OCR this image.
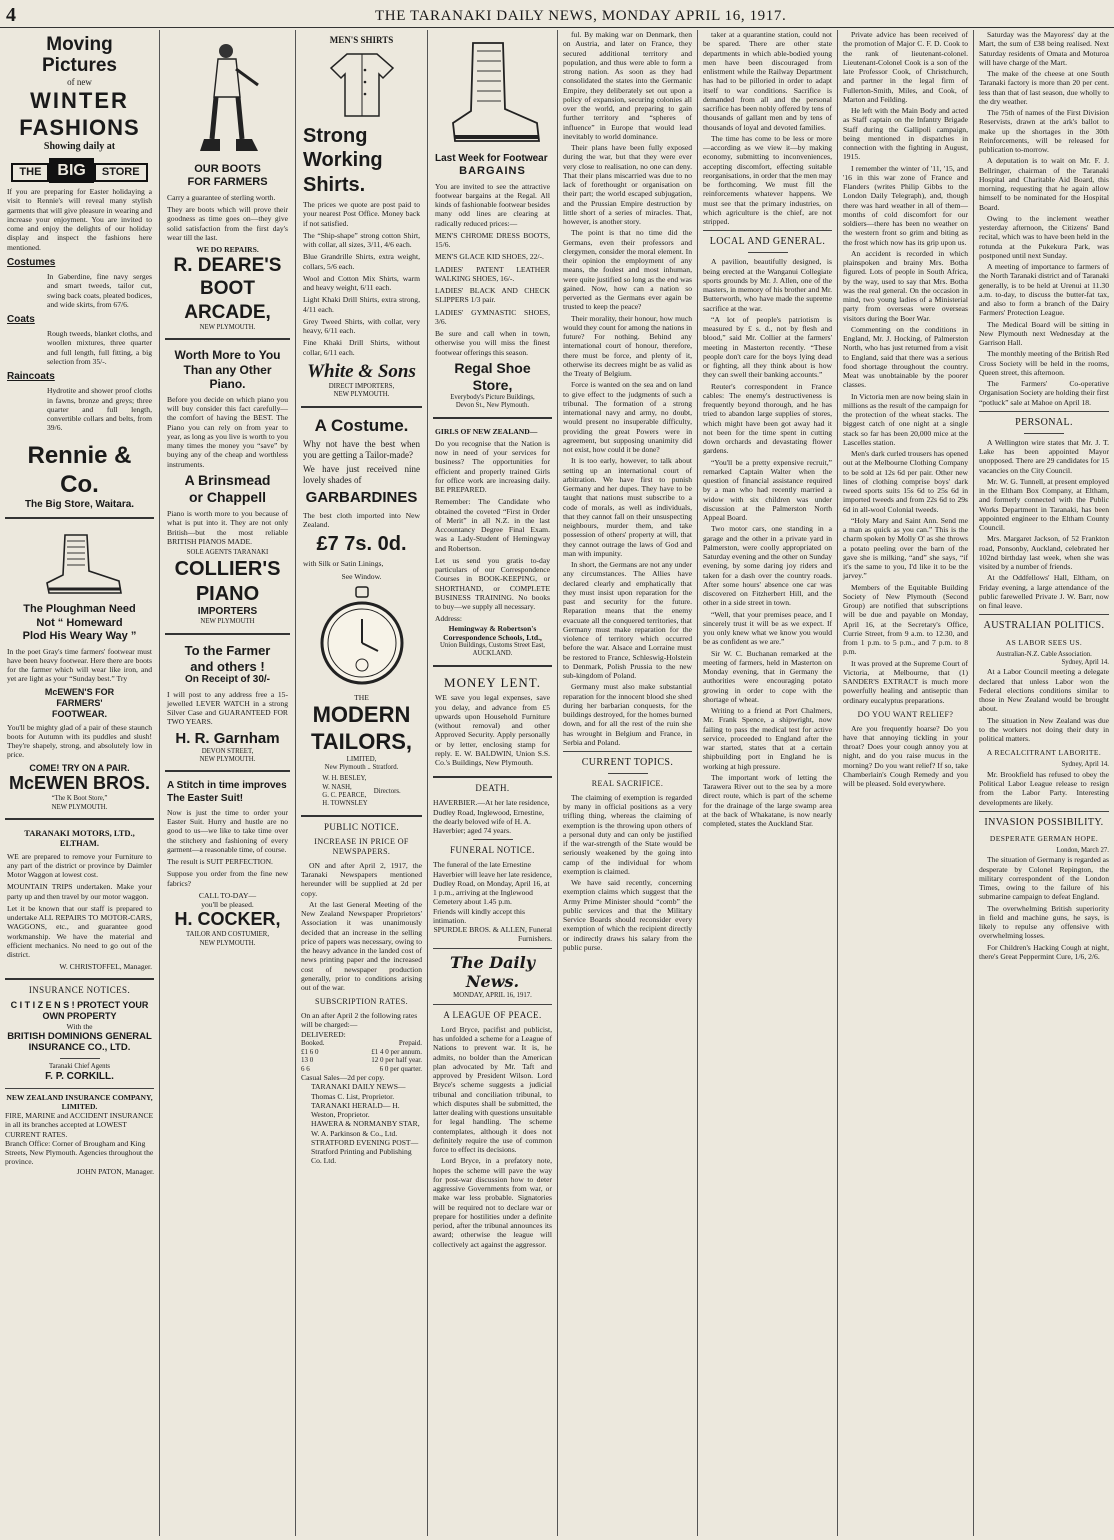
4	THE TARANAKI DAILY NEWS, MONDAY APRIL 16, 1917.
Moving Pictures
of new
WINTER
FASHIONS
Showing daily at
THE BIG STORE

If you are preparing for Easter holidaying a visit to Rennie's will reveal many stylish garments that will give pleasure in wearing and increase your enjoyment. You are invited to come and enjoy the delights of our holiday display and inspect the fashions here mentioned.

Costumes

In Gaberdine, fine navy serges and smart tweeds, tailor cut, swing back coats, pleated bodices, and wide skirts, from 67/6.

Coats

Rough tweeds, blanket cloths, and woollen mixtures, three quarter and full length, full fitting, a big selection from 35/-.

Raincoats

Hydrotite and shower proof cloths in fawns, bronze and greys; three quarter and full length, convertible collars and belts, from 39/6.

Rennie & Co.
The Big Store, Waitara.
The Ploughman Need
Not “ Homeward
Plod His Weary Way ”

In the poet Gray's time farmers' footwear must have been heavy footwear. Here there are boots for the farmer which will wear like iron, and yet are light as your “Sunday best.” Try

McEWEN'S FOR
FARMERS'
FOOTWEAR.

You'll be mighty glad of a pair of these staunch boots for Autumn with its puddles and slush! They're shapely, strong, and absolutely low in price.

COME! TRY ON A PAIR.
McEWEN BROS.
“The K Boot Store,”
NEW PLYMOUTH.
TARANAKI MOTORS, LTD.,
ELTHAM.

WE are prepared to remove your Furniture to any part of the district or province by Daimler Motor Waggon at lowest cost.

MOUNTAIN TRIPS undertaken. Make your party up and then travel by our motor waggon.

Let it be known that our staff is prepared to undertake ALL REPAIRS TO MOTOR-CARS, WAGGONS, etc., and guarantee good workmanship. We have the material and efficient mechanics. No need to go out of the district.

W. CHRISTOFFEL, Manager.
INSURANCE NOTICES.
C I T I Z E N S ! PROTECT YOUR OWN PROPERTY
With the
BRITISH DOMINIONS GENERAL INSURANCE CO., LTD.
Taranaki Chief Agents
F. P. CORKILL.
NEW ZEALAND INSURANCE COMPANY, LIMITED.

FIRE, MARINE and ACCIDENT INSURANCE in all its branches accepted at LOWEST CURRENT RATES.

Branch Office: Corner of Brougham and King Streets, New Plymouth. Agencies throughout the province.

JOHN PATON, Manager.
OUR BOOTS
FOR FARMERS

Carry a guarantee of sterling worth.

They are boots which will prove their goodness as time goes on—they give solid satisfaction from the first day's wear till the last.

WE DO REPAIRS.
R. DEARE'S
BOOT
ARCADE,
NEW PLYMOUTH.
Worth More to You
Than any Other Piano.

Before you decide on which piano you will buy consider this fact carefully—the comfort of having the BEST. The Piano you can rely on from year to year, as long as you live is worth to you many times the money you “save” by buying any of the cheap and worthless instruments.

A Brinsmead
or Chappell

Piano is worth more to you because of what is put into it. They are not only British—but the most reliable BRITISH PIANOS MADE.

SOLE AGENTS TARANAKI
COLLIER'S
PIANO
IMPORTERS
NEW PLYMOUTH
To the Farmer
and others !
On Receipt of 30/-

I will post to any address free a 15-jewelled LEVER WATCH in a strong Silver Case and GUARANTEED FOR TWO YEARS.

H. R. Garnham
DEVON STREET,
NEW PLYMOUTH.
A Stitch in time improves
The Easter Suit!

Now is just the time to order your Easter Suit. Hurry and hustle are no good to us—we like to take time over the stitchery and fashioning of every garment—a reasonable time, of course.

The result is SUIT PERFECTION.

Suppose you order from the fine new fabrics?

CALL TO-DAY—
you'll be pleased.
H. COCKER,
TAILOR AND COSTUMIER,
NEW PLYMOUTH.
MEN'S SHIRTS
Strong
Working
Shirts.

The prices we quote are post paid to your nearest Post Office. Money back if not satisfied.

The “Ship-shape” strong cotton Shirt, with collar, all sizes, 3/11, 4/6 each.

Blue Grandrille Shirts, extra weight, collars, 5/6 each.

Wool and Cotton Mix Shirts, warm and heavy weight, 6/11 each.

Light Khaki Drill Shirts, extra strong, 4/11 each.

Grey Tweed Shirts, with collar, very heavy, 6/11 each.

Fine Khaki Drill Shirts, without collar, 6/11 each.

White & Sons
DIRECT IMPORTERS,
NEW PLYMOUTH.
A Costume.

Why not have the best when you are getting a Tailor-made?

We have just received nine lovely shades of

GARBARDINES

The best cloth imported into New Zealand.

£7 7s. 0d.

with Silk or Satin Linings,

See Window.
THE
MODERN
TAILORS,
LIMITED,
New Plymouth .. Stratford.
W. H. BESLEY,
W. NASH,
G. C. PEARCE,
H. TOWNSLEY
Directors.
PUBLIC NOTICE.
INCREASE IN PRICE OF NEWSPAPERS.

ON and after April 2, 1917, the Taranaki Newspapers mentioned hereunder will be supplied at 2d per copy.

At the last General Meeting of the New Zealand Newspaper Proprietors' Association it was unanimously decided that an increase in the selling price of papers was necessary, owing to the heavy advance in the landed cost of news printing paper and the increased cost of newspaper production generally, prior to conditions arising out of the war.

SUBSCRIPTION RATES.

On an after April 2 the following rates will be charged:—

DELIVERED:
Booked.	Prepaid.
£1 6 0	£1 4 0 per annum.
13 0	12 0 per half year.
6 6	6 0 per quarter.

Casual Sales—2d per copy.

TARANAKI DAILY NEWS— Thomas C. List, Proprietor.

TARANAKI HERALD— H. Weston, Proprietor.

HAWERA & NORMANBY STAR, W. A. Parkinson & Co., Ltd.

STRATFORD EVENING POST— Stratford Printing and Publishing Co. Ltd.

Last Week for Footwear
BARGAINS

You are invited to see the attractive footwear bargains at the Regal. All kinds of fashionable footwear besides many odd lines are clearing at radically reduced prices:—

MEN'S CHROME DRESS BOOTS, 15/6.

MEN'S GLACE KID SHOES, 22/-.

LADIES' PATENT LEATHER WALKING SHOES, 16/-.

LADIES' BLACK AND CHECK SLIPPERS 1/3 pair.

LADIES' GYMNASTIC SHOES, 3/6.

Be sure and call when in town, otherwise you will miss the finest footwear offerings this season.

Regal Shoe Store,
Everybody's Picture Buildings,
Devon St., New Plymouth.
GIRLS OF NEW ZEALAND—

Do you recognise that the Nation is now in need of your services for business? The opportunities for efficient and properly trained Girls for office work are increasing daily. BE PREPARED.

Remember: The Candidate who obtained the coveted “First in Order of Merit” in all N.Z. in the last Accountancy Degree Final Exam. was a Lady-Student of Hemingway and Robertson.

Let us send you gratis to-day particulars of our Correspondence Courses in BOOK-KEEPING, or SHORTHAND, or COMPLETE BUSINESS TRAINING. No books to buy—we supply all necessary.

Address:
Hemingway & Robertson's Correspondence Schools, Ltd.,
Union Buildings, Customs Street East, AUCKLAND.
MONEY LENT.

WE save you legal expenses, save you delay, and advance from £5 upwards upon Household Furniture (without removal) and other Approved Security. Apply personally or by letter, enclosing stamp for reply. E. W. BALDWIN, Union S.S. Co.'s Buildings, New Plymouth.

DEATH.

HAVERBIER.—At her late residence, Dudley Road, Inglewood, Ernestine, the dearly beloved wife of H. A. Haverbier; aged 74 years.

FUNERAL NOTICE.

The funeral of the late Ernestine Haverbier will leave her late residence, Dudley Road, on Monday, April 16, at 1 p.m., arriving at the Inglewood Cemetery about 1.45 p.m.

Friends will kindly accept this intimation.

SPURDLE BROS. & ALLEN, Funeral Furnishers.

The Daily News.
MONDAY, APRIL 16, 1917.
A LEAGUE OF PEACE.

Lord Bryce, pacifist and publicist, has unfolded a scheme for a League of Nations to prevent war. It is, he admits, no bolder than the American plan advocated by Mr. Taft and approved by President Wilson. Lord Bryce's scheme suggests a judicial tribunal and conciliation tribunal, to which disputes shall be submitted, the latter dealing with questions unsuitable for legal handling. The scheme contemplates, although it does not definitely require the use of common force to effect its decisions.

Lord Bryce, in a prefatory note, hopes the scheme will pave the way for post-war discussion how to deter aggressive Governments from war, or make war less probable. Signatories will be required not to declare war or prepare for hostilities under a definite period, after the tribunal announces its award; otherwise the league will collectively act against the aggressor.

ful. By making war on Denmark, then on Austria, and later on France, they secured additional territory and population, and thus were able to form a strong nation. As soon as they had consolidated the states into the Germanic Empire, they deliberately set out upon a policy of expansion, securing colonies all over the world, and preparing to gain further territory and “spheres of influence” in Europe that would lead inevitably to world dominance.

Their plans have been fully exposed during the war, but that they were ever very close to realisation, no one can deny. That their plans miscarried was due to no lack of forethought or organisation on their part; the world escaped subjugation, and the Prussian Empire destruction by little short of a series of miracles. That, however, is another story.

The point is that no time did the Germans, even their professors and clergymen, consider the moral element. In their opinion the employment of any means, the foulest and most inhuman, were quite justified so long as the end was gained. Now, how can a nation so perverted as the Germans ever again be trusted to keep the peace?

Their morality, their honour, how much would they count for among the nations in future? For nothing. Behind any international court of honour, therefore, there must be force, and plenty of it, otherwise its decrees might be as valid as the Treaty of Belgium.

Force is wanted on the sea and on land to give effect to the judgments of such a tribunal. The formation of a strong international navy and army, no doubt, would present no insuperable difficulty, providing the great Powers were in agreement, but supposing unanimity did not exist, how could it be done?

It is too early, however, to talk about setting up an international court of arbitration. We have first to punish Germany and her dupes. They have to be taught that nations must subscribe to a code of morals, as well as individuals, that they cannot fall on their unsuspecting neighbours, murder them, and take possession of others' property at will, that they cannot outrage the laws of God and man with impunity.

In short, the Germans are not any under any circumstances. The Allies have declared clearly and emphatically that they must insist upon reparation for the past and security for the future. Reparation means that the enemy evacuate all the conquered territories, that Germany must make reparation for the violence of territory which occurred before the war. Alsace and Lorraine must be restored to France, Schleswig-Holstein to Denmark, Polish Prussia to the new sub-kingdom of Poland.

Germany must also make substantial reparation for the innocent blood she shed during her barbarian conquests, for the buildings destroyed, for the homes burned down, and for all the rest of the ruin she has wrought in Belgium and France, in Serbia and Poland.

CURRENT TOPICS.
REAL SACRIFICE.

The claiming of exemption is regarded by many in official positions as a very trifling thing, whereas the claiming of exemption is the throwing upon others of a personal duty and can only be justified if the war-strength of the State would be seriously weakened by the going into camp of the individual for whom exemption is claimed.

We have said recently, concerning exemption claims which suggest that the Army Prime Minister should “comb” the public services and that the Military Service Boards should reconsider every exemption of which the recipient directly or indirectly draws his salary from the public purse.

taker at a quarantine station, could not be spared. There are other state departments in which able-bodied young men have been discouraged from enlistment while the Railway Department has had to be pilloried in order to adapt itself to war conditions. Sacrifice is demanded from all and the personal sacrifice has been nobly offered by tens of thousands of gallant men and by tens of thousands of loyal and devoted families.

The time has come to be less or more—according as we view it—by making economy, submitting to inconveniences, accepting discomfort, effecting suitable reorganisations, in order that the men may be forthcoming. We must fill the reinforcements whatever happens. We must see that the primary industries, on which agriculture is the chief, are not stripped.

LOCAL AND GENERAL.

A pavilion, beautifully designed, is being erected at the Wanganui Collegiate sports grounds by Mr. J. Allen, one of the masters, in memory of his brother and Mr. Butterworth, who have made the supreme sacrifice at the war.

“A lot of people's patriotism is measured by £ s. d., not by flesh and blood,” said Mr. Collier at the farmers' meeting in Masterton recently. “These people don't care for the boys lying dead or fighting, all they think about is how they can swell their banking accounts.”

Reuter's correspondent in France cables: The enemy's destructiveness is frequently beyond thorough, and he has tried to abandon large supplies of stores, which might have been got away had it not been for the time spent in cutting down orchards and devastating flower gardens.

“You'll be a pretty expensive recruit,” remarked Captain Walter when the question of financial assistance required by a man who had recently married a widow with six children was under discussion at the Palmerston North Appeal Board.

Two motor cars, one standing in a garage and the other in a private yard in Palmerston, were coolly appropriated on Saturday evening and the other on Sunday evening, by some daring joy riders and taken for a dash over the country roads. After some hours' absence one car was discovered on Fitzherbert Hill, and the other in a side street in town.

“Well, that your premises peace, and I sincerely trust it will be as we expect. If you only knew what we know you would be as confident as we are.”

Sir W. C. Buchanan remarked at the meeting of farmers, held in Masterton on Monday evening, that in Germany the authorities were encouraging potato growing in order to cope with the shortage of wheat.

Writing to a friend at Port Chalmers, Mr. Frank Spence, a shipwright, now failing to pass the medical test for active service, proceeded to England after the war started, states that at a certain shipbuilding port in England he is working at high pressure.

The important work of letting the Tarawera River out to the sea by a more direct route, which is part of the scheme for the drainage of the large swamp area at the back of Whakatane, is now nearly completed, states the Auckland Star.

Private advice has been received of the promotion of Major C. F. D. Cook to the rank of lieutenant-colonel. Lieutenant-Colonel Cook is a son of the late Professor Cook, of Christchurch, and partner in the legal firm of Fullerton-Smith, Miles, and Cook, of Marton and Feilding.

He left with the Main Body and acted as Staff captain on the Infantry Brigade Staff during the Gallipoli campaign, being mentioned in dispatches in connection with the fighting in August, 1915.

I remember the winter of '11, '15, and '16 in this war zone of France and Flanders (writes Philip Gibbs to the London Daily Telegraph), and, though there was hard weather in all of them—months of cold discomfort for our soldiers—there has been no weather on the western front so grim and biting as the frost which now has its grip upon us.

An accident is recorded in which plainspoken and brainy Mrs. Botha figured. Lots of people in South Africa, by the way, used to say that Mrs. Botha was the real general. On the occasion in mind, two young ladies of a Ministerial party from overseas were overseas visitors during the Boer War.

Commenting on the conditions in England, Mr. J. Hocking, of Palmerston North, who has just returned from a visit to England, said that there was a serious food shortage throughout the country. Meat was unobtainable by the poorer classes.

In Victoria men are now being slain in millions as the result of the campaign for the protection of the wheat stacks. The biggest catch of one night at a single stack so far has been 20,000 mice at the Lascelles station.

Men's dark curled trousers has opened out at the Melbourne Clothing Company to be sold at 12s 6d per pair. Other new lines of clothing comprise boys' dark tweed sports suits 15s 6d to 25s 6d in imported tweeds and from 22s 6d to 29s 6d in all-wool Colonial tweeds.

“Holy Mary and Saint Ann. Send me a man as quick as you can.” This is the charm spoken by Molly O' as she throws a potato peeling over the barn of the gave she is milking, “and” she says, “if it's the same to you, I'd like it to be the jarvey.”

Members of the Equitable Building Society of New Plymouth (Second Group) are notified that subscriptions will be due and payable on Monday, April 16, at the Secretary's Office, Currie Street, from 9 a.m. to 12.30, and from 1 p.m. to 5 p.m., and 7 p.m. to 8 p.m.

It was proved at the Supreme Court of Victoria, at Melbourne, that (1) SANDER'S EXTRACT is much more powerfully healing and antiseptic than ordinary eucalyptus preparations.

DO YOU WANT RELIEF?

Are you frequently hoarse? Do you have that annoying tickling in your throat? Does your cough annoy you at night, and do you raise mucus in the morning? Do you want relief? If so, take Chamberlain's Cough Remedy and you will be pleased. Sold everywhere.

Saturday was the Mayoress' day at the Mart, the sum of £38 being realised. Next Saturday residents of Omata and Moturoa will have charge of the Mart.

The make of the cheese at one South Taranaki factory is more than 20 per cent. less than that of last season, due wholly to the dry weather.

The 75th of names of the First Division Reservists, drawn at the ark's ballot to make up the shortages in the 30th Reinforcements, will be released for publication to-morrow.

A deputation is to wait on Mr. F. J. Bellringer, chairman of the Taranaki Hospital and Charitable Aid Board, this morning, requesting that he again allow himself to be nominated for the Hospital Board.

Owing to the inclement weather yesterday afternoon, the Citizens' Band recital, which was to have been held in the rotunda at the Pukekura Park, was postponed until next Sunday.

A meeting of importance to farmers of the North Taranaki district and of Taranaki generally, is to be held at Urenui at 11.30 a.m. to-day, to discuss the butter-fat tax, and also to form a branch of the Dairy Farmers' Protection League.

The Medical Board will be sitting in New Plymouth next Wednesday at the Garrison Hall.

The monthly meeting of the British Red Cross Society will be held in the rooms, Queen street, this afternoon.

The Farmers' Co-operative Organisation Society are holding their first “potluck” sale at Mahoe on April 18.

PERSONAL.

A Wellington wire states that Mr. J. T. Lake has been appointed Mayor unopposed. There are 29 candidates for 15 vacancies on the City Council.

Mr. W. G. Tunnell, at present employed in the Eltham Box Company, at Eltham, and formerly connected with the Public Works Department in Taranaki, has been appointed engineer to the Eltham County Council.

Mrs. Margaret Jackson, of 52 Frankton road, Ponsonby, Auckland, celebrated her 102nd birthday last week, when she was visited by a number of friends.

At the Oddfellows' Hall, Eltham, on Friday evening, a large attendance of the public farewelled Private J. W. Barr, now on final leave.

AUSTRALIAN POLITICS.
AS LABOR SEES US.
Australian-N.Z. Cable Association.
Sydney, April 14.

At a Labor Council meeting a delegate declared that unless Labor won the Federal elections conditions similar to those in New Zealand would be brought about.

The situation in New Zealand was due to the workers not doing their duty in political matters.

A RECALCITRANT LABORITE.
Sydney, April 14.

Mr. Brookfield has refused to obey the Political Labor League release to resign from the Labor Party. Interesting developments are likely.

INVASION POSSIBILITY.
DESPERATE GERMAN HOPE.
London, March 27.

The situation of Germany is regarded as desperate by Colonel Repington, the military correspondent of the London Times, owing to the failure of his submarine campaign to defeat England.

The overwhelming British superiority in field and machine guns, he says, is likely to repulse any offensive with overwhelming losses.

For Children's Hacking Cough at night, there's Great Peppermint Cure, 1/6, 2/6.
